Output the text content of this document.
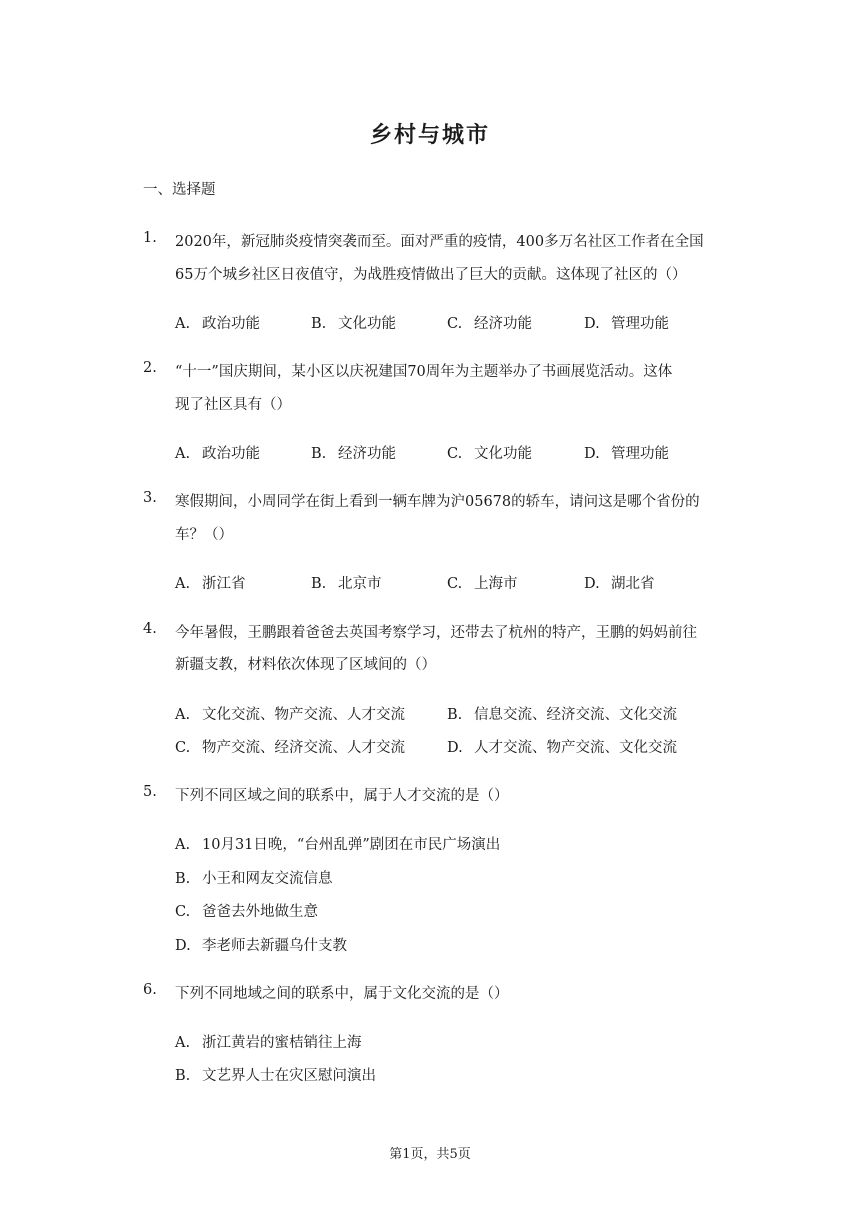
乡村与城市

一、选择题

1. 2020年，新冠肺炎疫情突袭而至。面对严重的疫情，400多万名社区工作者在全国
65万个城乡社区日夜值守，为战胜疫情做出了巨大的贡献。这体现了社区的（）
A. 政治功能	B. 文化功能	C. 经济功能	D. 管理功能
2. “十一”国庆期间，某小区以庆祝建国70周年为主题举办了书画展览活动。这体
现了社区具有（）
A. 政治功能	B. 经济功能	C. 文化功能	D. 管理功能
3. 寒假期间，小周同学在街上看到一辆车牌为沪05678的轿车，请问这是哪个省份的
车？（）
A. 浙江省	B. 北京市	C. 上海市	D. 湖北省
4. 今年暑假，王鹏跟着爸爸去英国考察学习，还带去了杭州的特产，王鹏的妈妈前往
新疆支教，材料依次体现了区域间的（）
A. 文化交流、物产交流、人才交流	B. 信息交流、经济交流、文化交流
C. 物产交流、经济交流、人才交流	D. 人才交流、物产交流、文化交流
5. 下列不同区域之间的联系中，属于人才交流的是（）
A. 10月31日晚，“台州乱弹”剧团在市民广场演出
B. 小王和网友交流信息
C. 爸爸去外地做生意
D. 李老师去新疆乌什支教
6. 下列不同地域之间的联系中，属于文化交流的是（）
A. 浙江黄岩的蜜桔销往上海
B. 文艺界人士在灾区慰问演出

第1页，共5页
